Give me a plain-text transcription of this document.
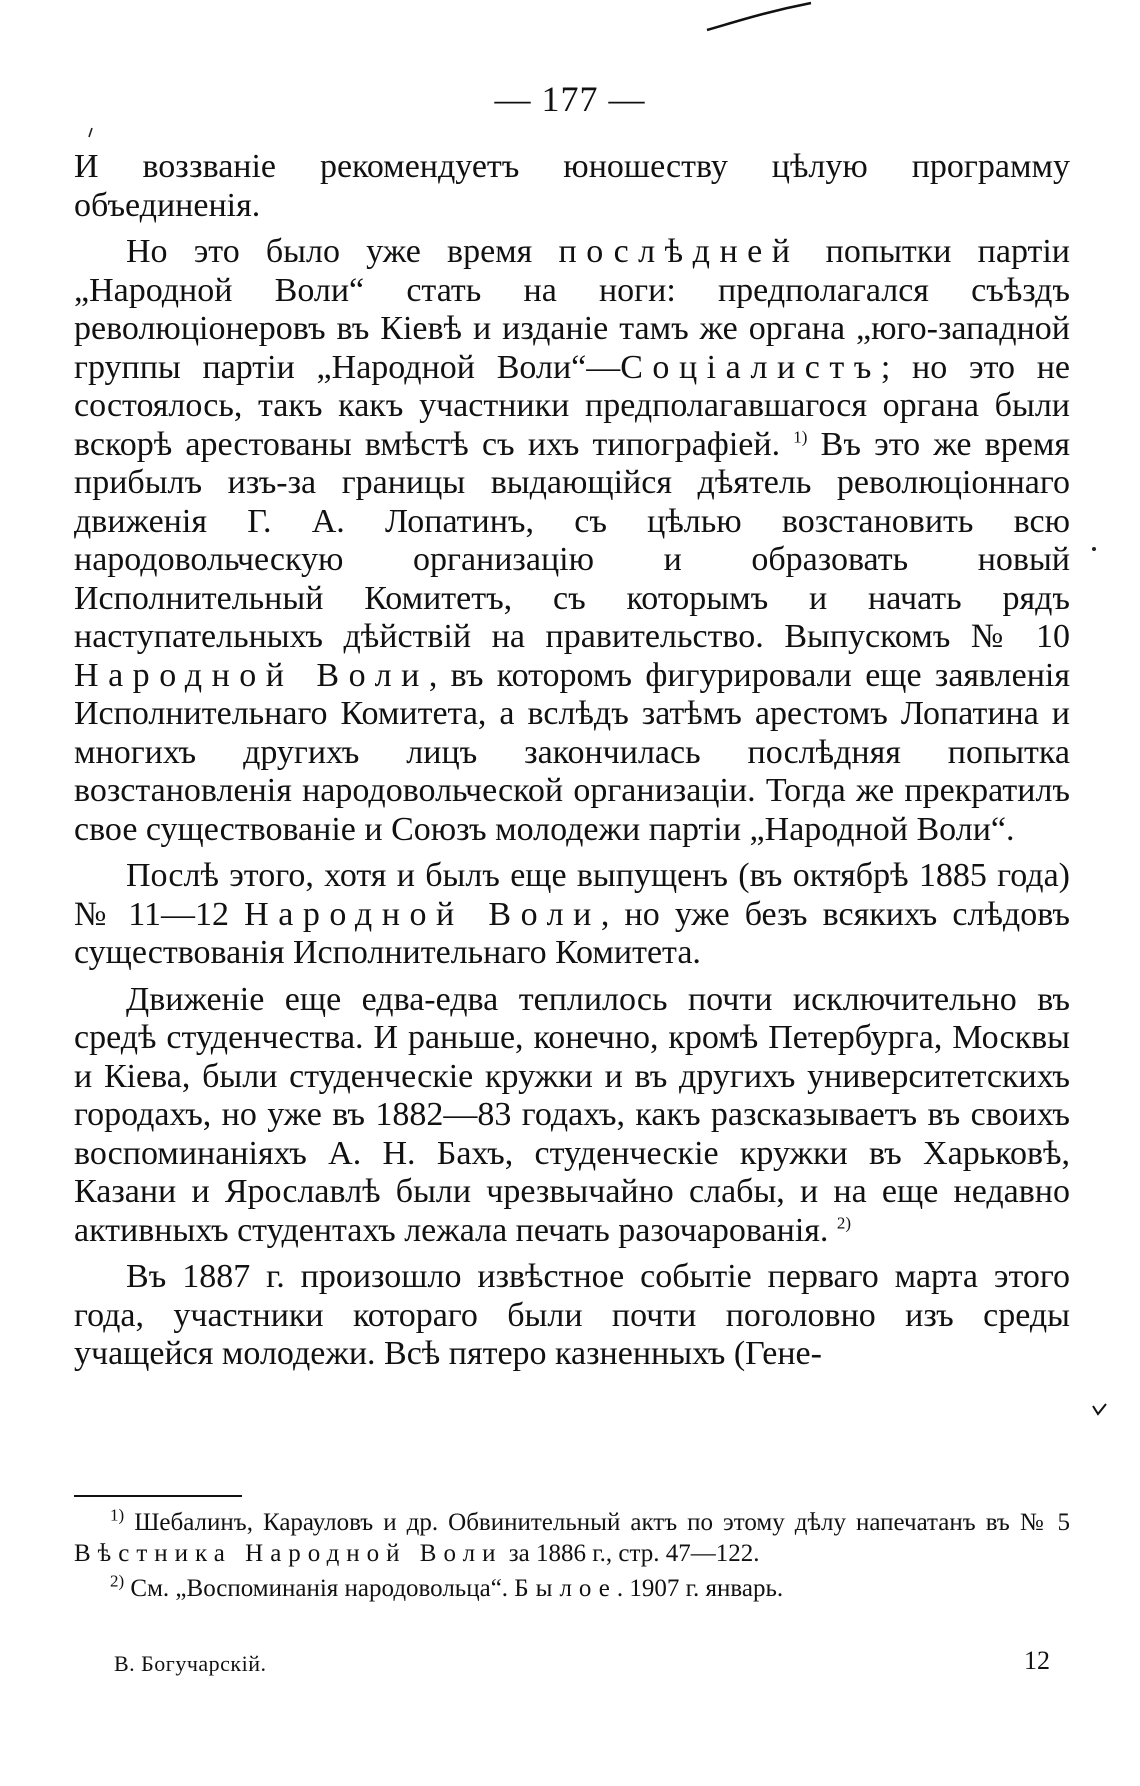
— 177 —

И воззваніе рекомендуетъ юношеству цѣлую программу объединенія.

Но это было уже время послѣдней попытки партіи „Народной Воли“ стать на ноги: предполагался съѣздъ революціонеровъ въ Кіевѣ и изданіе тамъ же органа „юго-западной группы партіи „Народной Воли“—Соціалистъ; но это не состоялось, такъ какъ участники предполагавшагося органа были вскорѣ арестованы вмѣстѣ съ ихъ типографіей. $^{1)}$ Въ это же время прибылъ изъ-за границы выдающійся дѣятель революціоннаго движенія Г. А. Лопатинъ, съ цѣлью возстановить всю народовольческую организацію и образовать новый Исполнительный Комитетъ, съ которымъ и начать рядъ наступательныхъ дѣйствій на правительство. Выпускомъ № 10 Народной Воли, въ которомъ фигурировали еще заявленія Исполнительнаго Комитета, а вслѣдъ затѣмъ арестомъ Лопатина и многихъ другихъ лицъ закончилась послѣдняя попытка возстановленія народовольческой организаціи. Тогда же прекратилъ свое существованіе и Союзъ молодежи партіи „Народной Воли“.

Послѣ этого, хотя и былъ еще выпущенъ (въ октябрѣ 1885 года) № 11—12 Народной Воли, но уже безъ всякихъ слѣдовъ существованія Исполнительнаго Комитета.

Движеніе еще едва-едва теплилось почти исключительно въ средѣ студенчества. И раньше, конечно, кромѣ Петербурга, Москвы и Кіева, были студенческіе кружки и въ другихъ университетскихъ городахъ, но уже въ 1882—83 годахъ, какъ разсказываетъ въ своихъ воспоминаніяхъ А. Н. Бахъ, студенческіе кружки въ Харьковѣ, Казани и Ярославлѣ были чрезвычайно слабы, и на еще недавно активныхъ студентахъ лежала печать разочарованія. $^{2)}$

Въ 1887 г. произошло извѣстное событіе перваго марта этого года, участники котораго были почти поголовно изъ среды учащейся молодежи. Всѣ пятеро казненныхъ (Гене-

$^{1)}$ Шебалинъ, Карауловъ и др. Обвинительный актъ по этому дѣлу напечатанъ въ № 5 Вѣстника Народной Воли за 1886 г., стр. 47—122.

$^{2)}$ См. „Воспоминанія народовольца“. Былое. 1907 г. январь.

В. Богучарскій.	12
